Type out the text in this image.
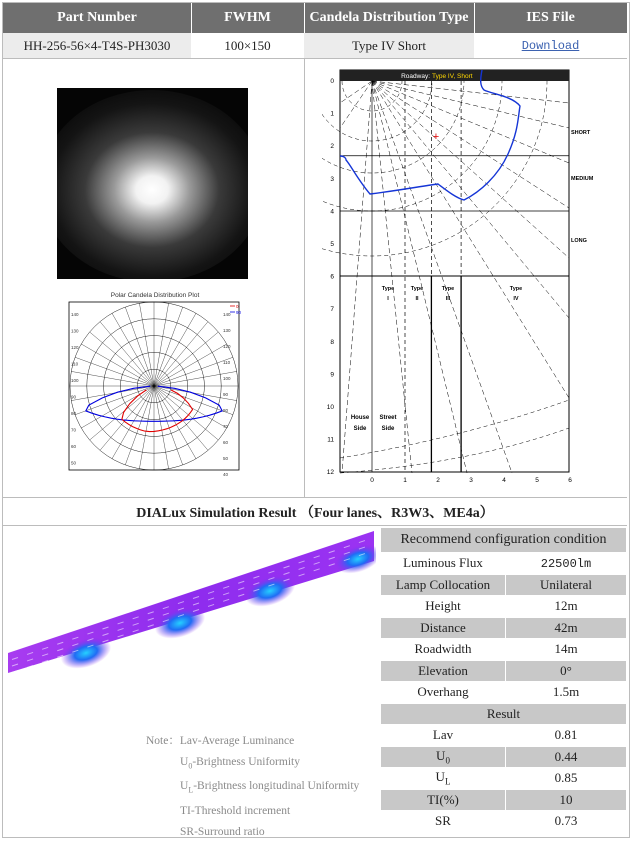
Part Number	FWHM	Candela Distribution Type	IES File
HH-256-56×4-T4S-PH3030	100×150	Type IV Short	Download
Polar Candela Distribution Plot
140
130
120
110
100
90
80
70
60
50
140
130
120
110
100
90
80
70
60
50
40
0
90
Roadway: Type IV, Short
0
1
2
3
4
5
6
7
8
9
10
11
12
0	1	2	3	4	5	6
SHORT
MEDIUM
LONG
Type
I
Type
II
Type
III
Type
IV
House
Side
Street
Side
+
DIALux Simulation Result （Four lanes、R3W3、ME4a）
Recommend configuration condition	
Luminous Flux	22500lm
Lamp Collocation	Unilateral
Height	12m
Distance	42m
Roadwidth	14m
Elevation	0°
Overhang	1.5m
Result	
Lav	0.81
$U_0$	0.44
$U_L$	0.85
TI(%)	10
SR	0.73
Note：Lav-Average Luminance
$U_0$-Brightness Uniformity
$U_L$-Brightness longitudinal Uniformity
TI-Threshold increment
SR-Surround ratio
